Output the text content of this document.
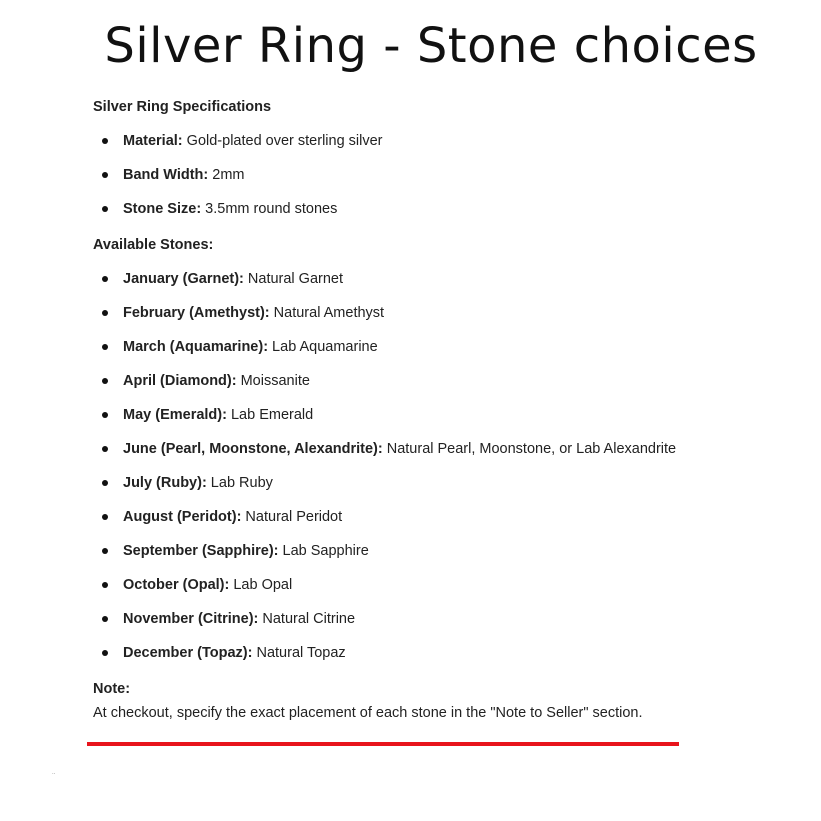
Silver Ring - Stone choices
Silver Ring Specifications
Material: Gold-plated over sterling silver
Band Width: 2mm
Stone Size: 3.5mm round stones
Available Stones:
January (Garnet): Natural Garnet
February (Amethyst): Natural Amethyst
March (Aquamarine): Lab Aquamarine
April (Diamond): Moissanite
May (Emerald): Lab Emerald
June (Pearl, Moonstone, Alexandrite): Natural Pearl, Moonstone, or Lab Alexandrite
July (Ruby): Lab Ruby
August (Peridot): Natural Peridot
September (Sapphire): Lab Sapphire
October (Opal): Lab Opal
November (Citrine): Natural Citrine
December (Topaz): Natural Topaz
Note:
At checkout, specify the exact placement of each stone in the "Note to Seller" section.
..
